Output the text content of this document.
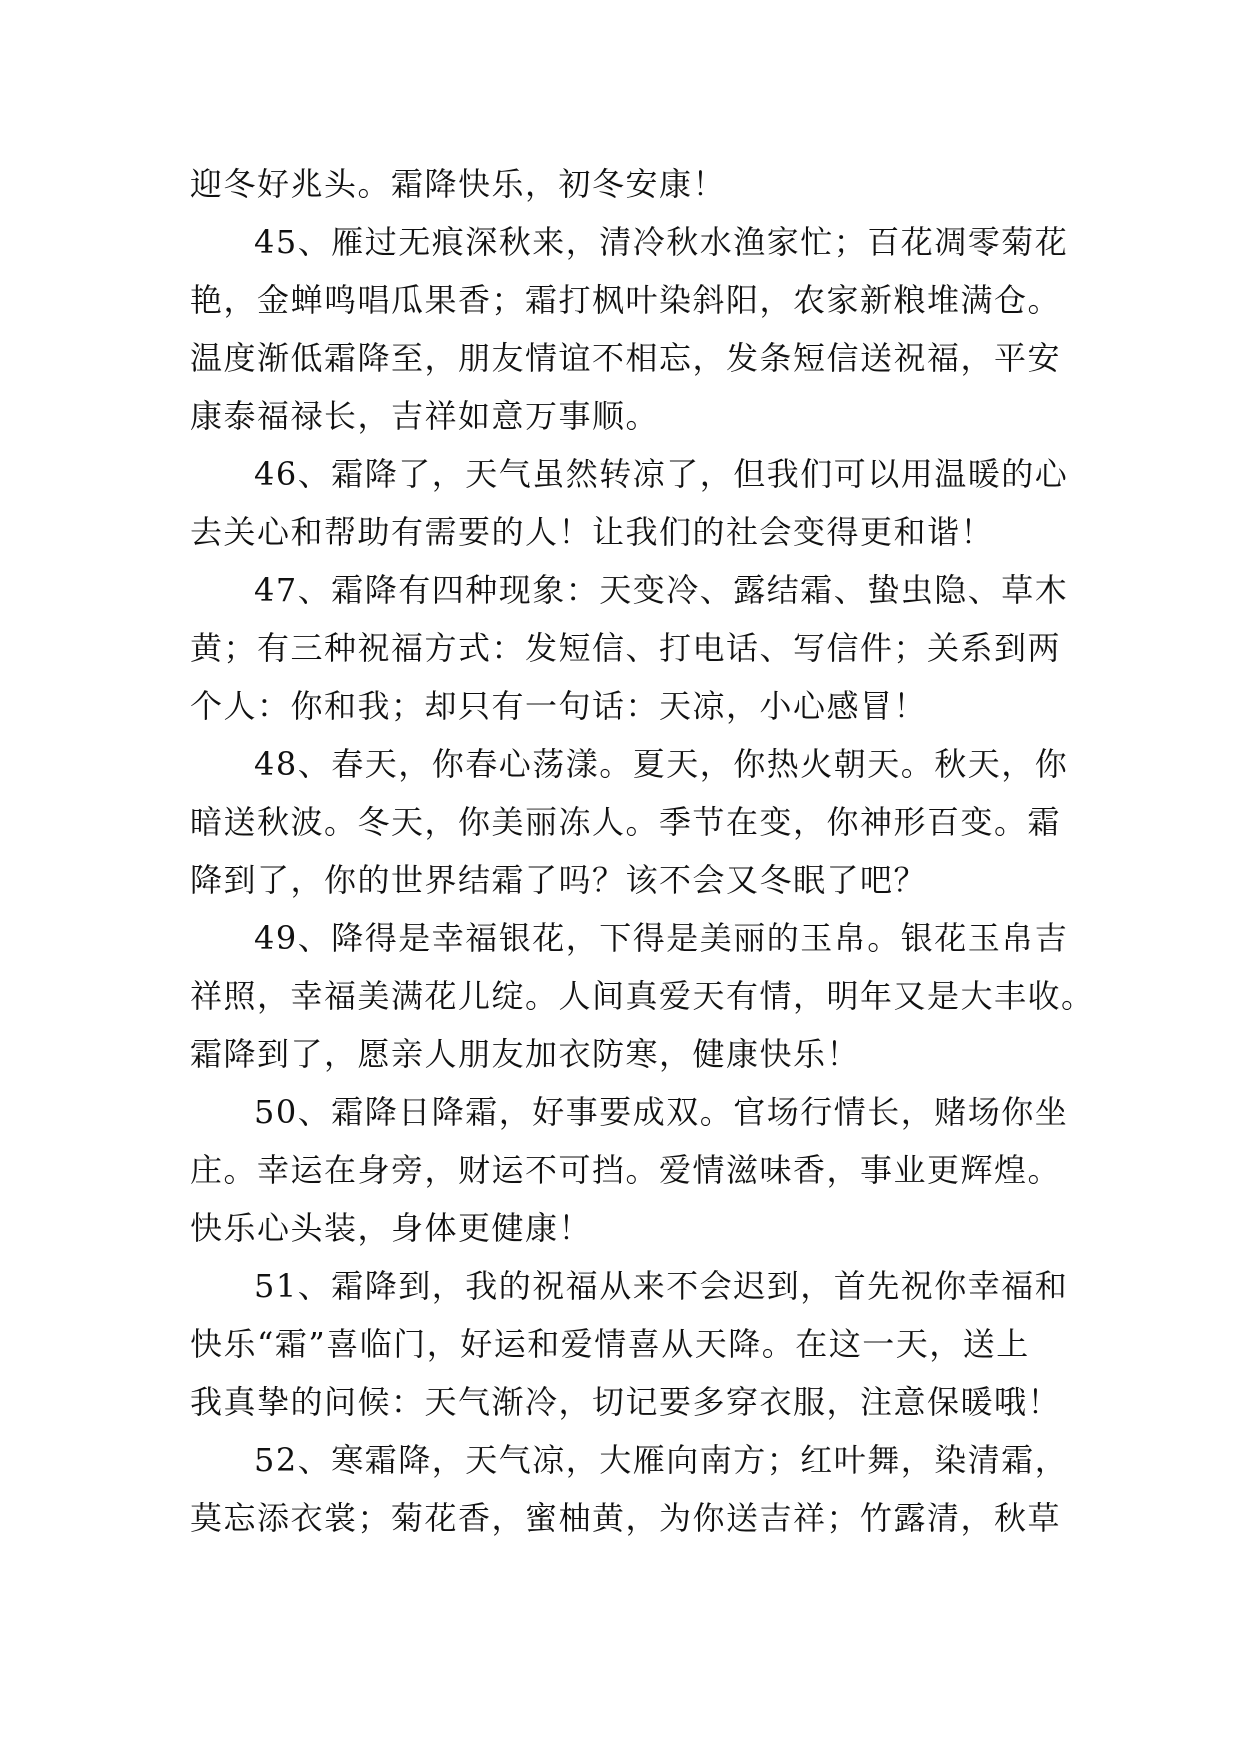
迎冬好兆头。霜降快乐，初冬安康！

45、雁过无痕深秋来，清冷秋水渔家忙；百花凋零菊花
艳，金蝉鸣唱瓜果香；霜打枫叶染斜阳，农家新粮堆满仓。
温度渐低霜降至，朋友情谊不相忘，发条短信送祝福，平安
康泰福禄长，吉祥如意万事顺。

46、霜降了，天气虽然转凉了，但我们可以用温暖的心
去关心和帮助有需要的人！让我们的社会变得更和谐！

47、霜降有四种现象：天变冷、露结霜、蛰虫隐、草木
黄；有三种祝福方式：发短信、打电话、写信件；关系到两
个人：你和我；却只有一句话：天凉，小心感冒！

48、春天，你春心荡漾。夏天，你热火朝天。秋天，你
暗送秋波。冬天，你美丽冻人。季节在变，你神形百变。霜
降到了，你的世界结霜了吗？该不会又冬眠了吧？

49、降得是幸福银花，下得是美丽的玉帛。银花玉帛吉
祥照，幸福美满花儿绽。人间真爱天有情，明年又是大丰收。
霜降到了，愿亲人朋友加衣防寒，健康快乐！

50、霜降日降霜，好事要成双。官场行情长，赌场你坐
庄。幸运在身旁，财运不可挡。爱情滋味香，事业更辉煌。
快乐心头装，身体更健康！

51、霜降到，我的祝福从来不会迟到，首先祝你幸福和
快乐“霜”喜临门，好运和爱情喜从天降。在这一天，送上
我真挚的问候：天气渐冷，切记要多穿衣服，注意保暖哦！

52、寒霜降，天气凉，大雁向南方；红叶舞，染清霜，
莫忘添衣裳；菊花香，蜜柚黄，为你送吉祥；竹露清，秋草
